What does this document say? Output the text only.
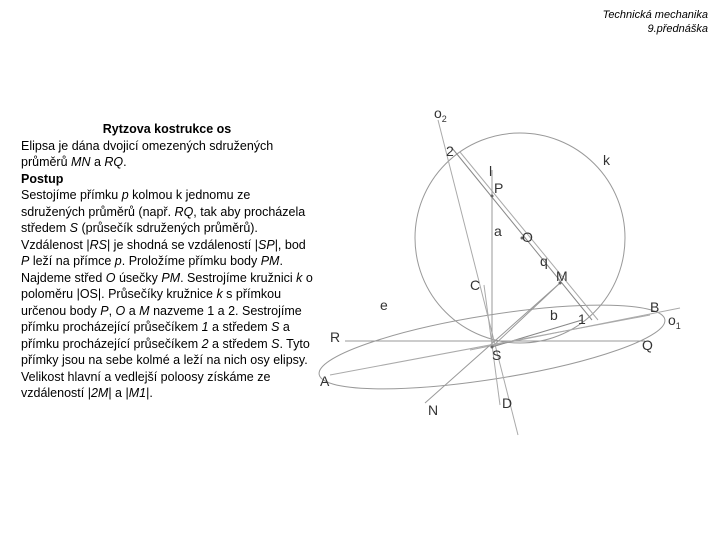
Technická mechanika
9.přednáška
Rytzova kostrukce os
Elipsa je dána dvojicí omezených sdružených průměrů MN a RQ.
Postup
Sestojíme přímku p kolmou k jednomu ze sdružených průměrů (např. RQ, tak aby procházela středem S (průsečík sdružených průměrů). Vzdálenost |RS| je shodná se vzdáleností |SP|, bod P leží na přímce p. Proložíme přímku body PM.
Najdeme střed O úsečky PM. Sestrojíme kružnici k o poloměru |OS|. Průsečíky kružnice k s přímkou určenou body P, O a M nazveme 1 a 2. Sestrojíme přímku procházející průsečíkem 1 a středem S a přímku procházející průsečíkem 2 a středem S. Tyto přímky jsou na sebe kolmé a leží na nich osy elipsy. Velikost hlavní a vedlejší poloosy získáme ze vzdáleností |2M| a |M1|.
$o_2$
2
k
l
P
a O
q
M
C
e
b 1
B
$o_1$
R	Q
S
A
N	D
